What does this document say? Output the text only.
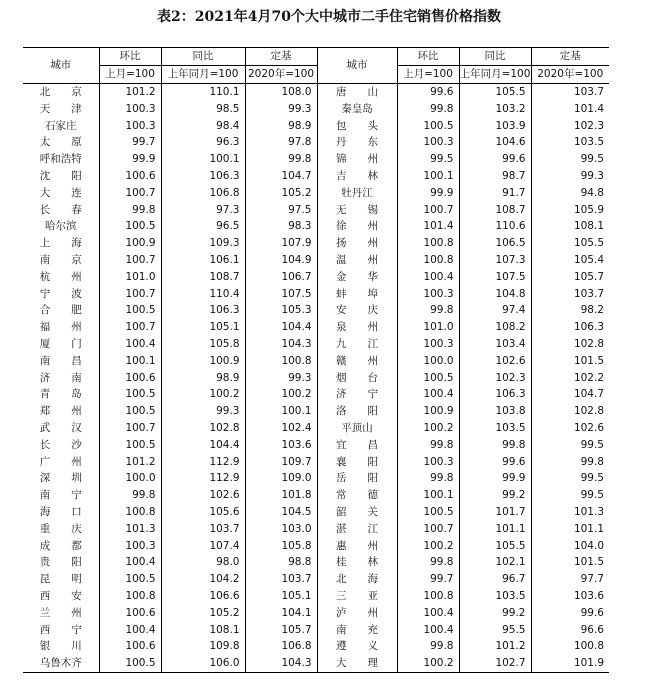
表2：2021年4月70个大中城市二手住宅销售价格指数
城市	环比	同比	定基	城市	环比	同比	定基
	上月=100	上年同月=100	2020年=100		上月=100	上年同月=100	2020年=100
北　　京	101.2	110.1	108.0	唐　　山	99.6	105.5	103.7
天　　津	100.3	98.5	99.3	秦皇岛	99.8	103.2	101.4
石家庄	100.3	98.4	98.9	包　　头	100.5	103.9	102.3
太　　原	99.7	96.3	97.8	丹　　东	100.3	104.6	103.5
呼和浩特	99.9	100.1	99.8	锦　　州	99.5	99.6	99.5
沈　　阳	100.6	106.3	104.7	吉　　林	100.1	98.7	99.3
大　　连	100.7	106.8	105.2	牡丹江	99.9	91.7	94.8
长　　春	99.8	97.3	97.5	无　　锡	100.7	108.7	105.9
哈尔滨	100.5	96.5	98.3	徐　　州	101.4	110.6	108.1
上　　海	100.9	109.3	107.9	扬　　州	100.8	106.5	105.5
南　　京	100.7	106.1	104.9	温　　州	100.8	107.3	105.4
杭　　州	101.0	108.7	106.7	金　　华	100.4	107.5	105.7
宁　　波	100.7	110.4	107.5	蚌　　埠	100.3	104.8	103.7
合　　肥	100.5	106.3	105.3	安　　庆	99.8	97.4	98.2
福　　州	100.7	105.1	104.4	泉　　州	101.0	108.2	106.3
厦　　门	100.4	105.8	104.3	九　　江	100.3	103.4	102.8
南　　昌	100.1	100.9	100.8	赣　　州	100.0	102.6	101.5
济　　南	100.6	98.9	99.3	烟　　台	100.5	102.3	102.2
青　　岛	100.5	100.2	100.2	济　　宁	100.4	106.3	104.7
郑　　州	100.5	99.3	100.1	洛　　阳	100.9	103.8	102.8
武　　汉	100.7	102.8	102.4	平顶山	100.2	103.5	102.6
长　　沙	100.5	104.4	103.6	宜　　昌	99.8	99.8	99.5
广　　州	101.2	112.9	109.7	襄　　阳	100.3	99.6	99.8
深　　圳	100.0	112.9	109.0	岳　　阳	99.8	99.9	99.5
南　　宁	99.8	102.6	101.8	常　　德	100.1	99.2	99.5
海　　口	100.8	105.6	104.5	韶　　关	100.5	101.7	101.3
重　　庆	101.3	103.7	103.0	湛　　江	100.7	101.1	101.1
成　　都	100.3	107.4	105.8	惠　　州	100.2	105.5	104.0
贵　　阳	100.4	98.0	98.8	桂　　林	99.8	102.1	101.5
昆　　明	100.5	104.2	103.7	北　　海	99.7	96.7	97.7
西　　安	100.8	106.6	105.1	三　　亚	100.8	103.5	103.6
兰　　州	100.6	105.2	104.1	泸　　州	100.4	99.2	99.6
西　　宁	100.4	108.1	105.7	南　　充	100.4	95.5	96.6
银　　川	100.6	109.8	106.8	遵　　义	99.8	101.2	100.8
乌鲁木齐	100.5	106.0	104.3	大　　理	100.2	102.7	101.9
